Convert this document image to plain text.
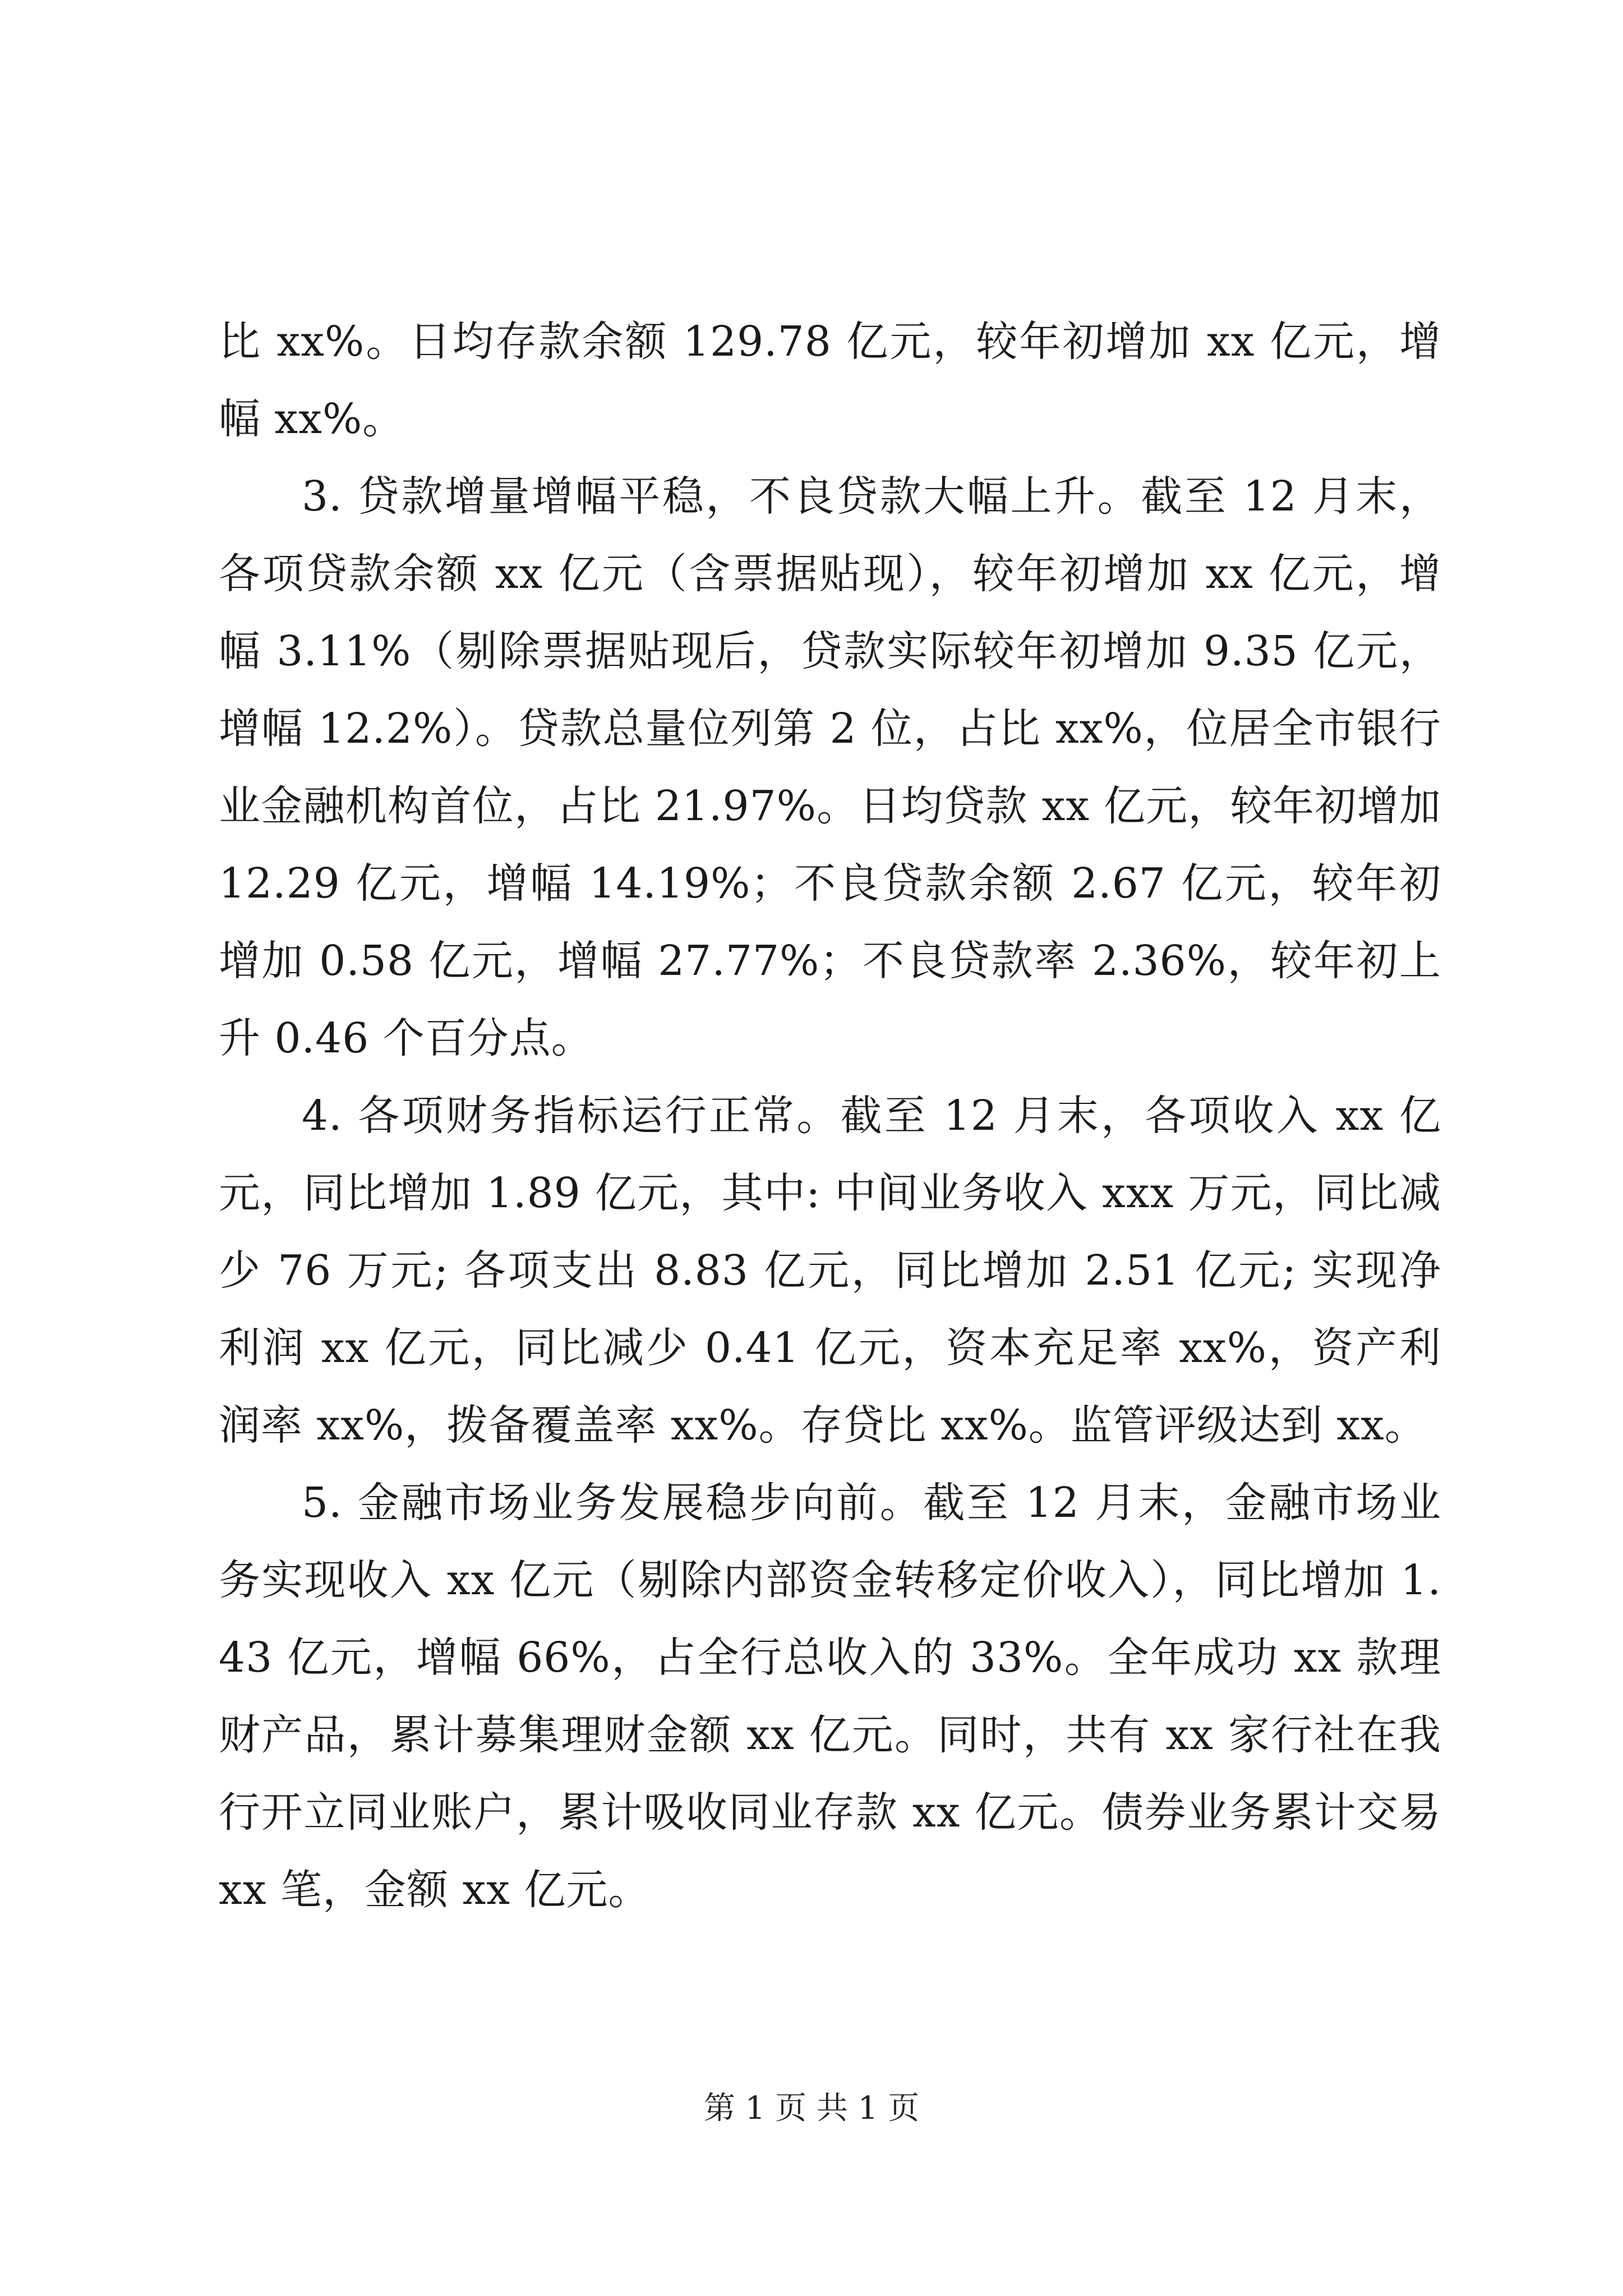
比 xx%。日均存款余额 129.78 亿元，较年初增加 xx 亿元，增幅 xx%。

3. 贷款增量增幅平稳，不良贷款大幅上升。截至 12 月末，各项贷款余额 xx 亿元（含票据贴现），较年初增加 xx 亿元，增幅 3.11%（剔除票据贴现后，贷款实际较年初增加 9.35 亿元，增幅 12.2%）。贷款总量位列第 2 位，占比 xx%，位居全市银行业金融机构首位，占比 21.97%。日均贷款 xx 亿元，较年初增加 12.29 亿元，增幅 14.19%；不良贷款余额 2.67 亿元，较年初增加 0.58 亿元，增幅 27.77%；不良贷款率 2.36%，较年初上升 0.46 个百分点。

4. 各项财务指标运行正常。截至 12 月末，各项收入 xx 亿元，同比增加 1.89 亿元，其中: 中间业务收入 xxx 万元，同比减少 76 万元; 各项支出 8.83 亿元，同比增加 2.51 亿元; 实现净利润 xx 亿元，同比减少 0.41 亿元，资本充足率 xx%，资产利润率 xx%，拨备覆盖率 xx%。存贷比 xx%。监管评级达到 xx。

5. 金融市场业务发展稳步向前。截至 12 月末，金融市场业务实现收入 xx 亿元（剔除内部资金转移定价收入），同比增加 1.43 亿元，增幅 66%，占全行总收入的 33%。全年成功 xx 款理财产品，累计募集理财金额 xx 亿元。同时，共有 xx 家行社在我行开立同业账户，累计吸收同业存款 xx 亿元。债券业务累计交易 xx 笔，金额 xx 亿元。

第 1 页 共 1 页
